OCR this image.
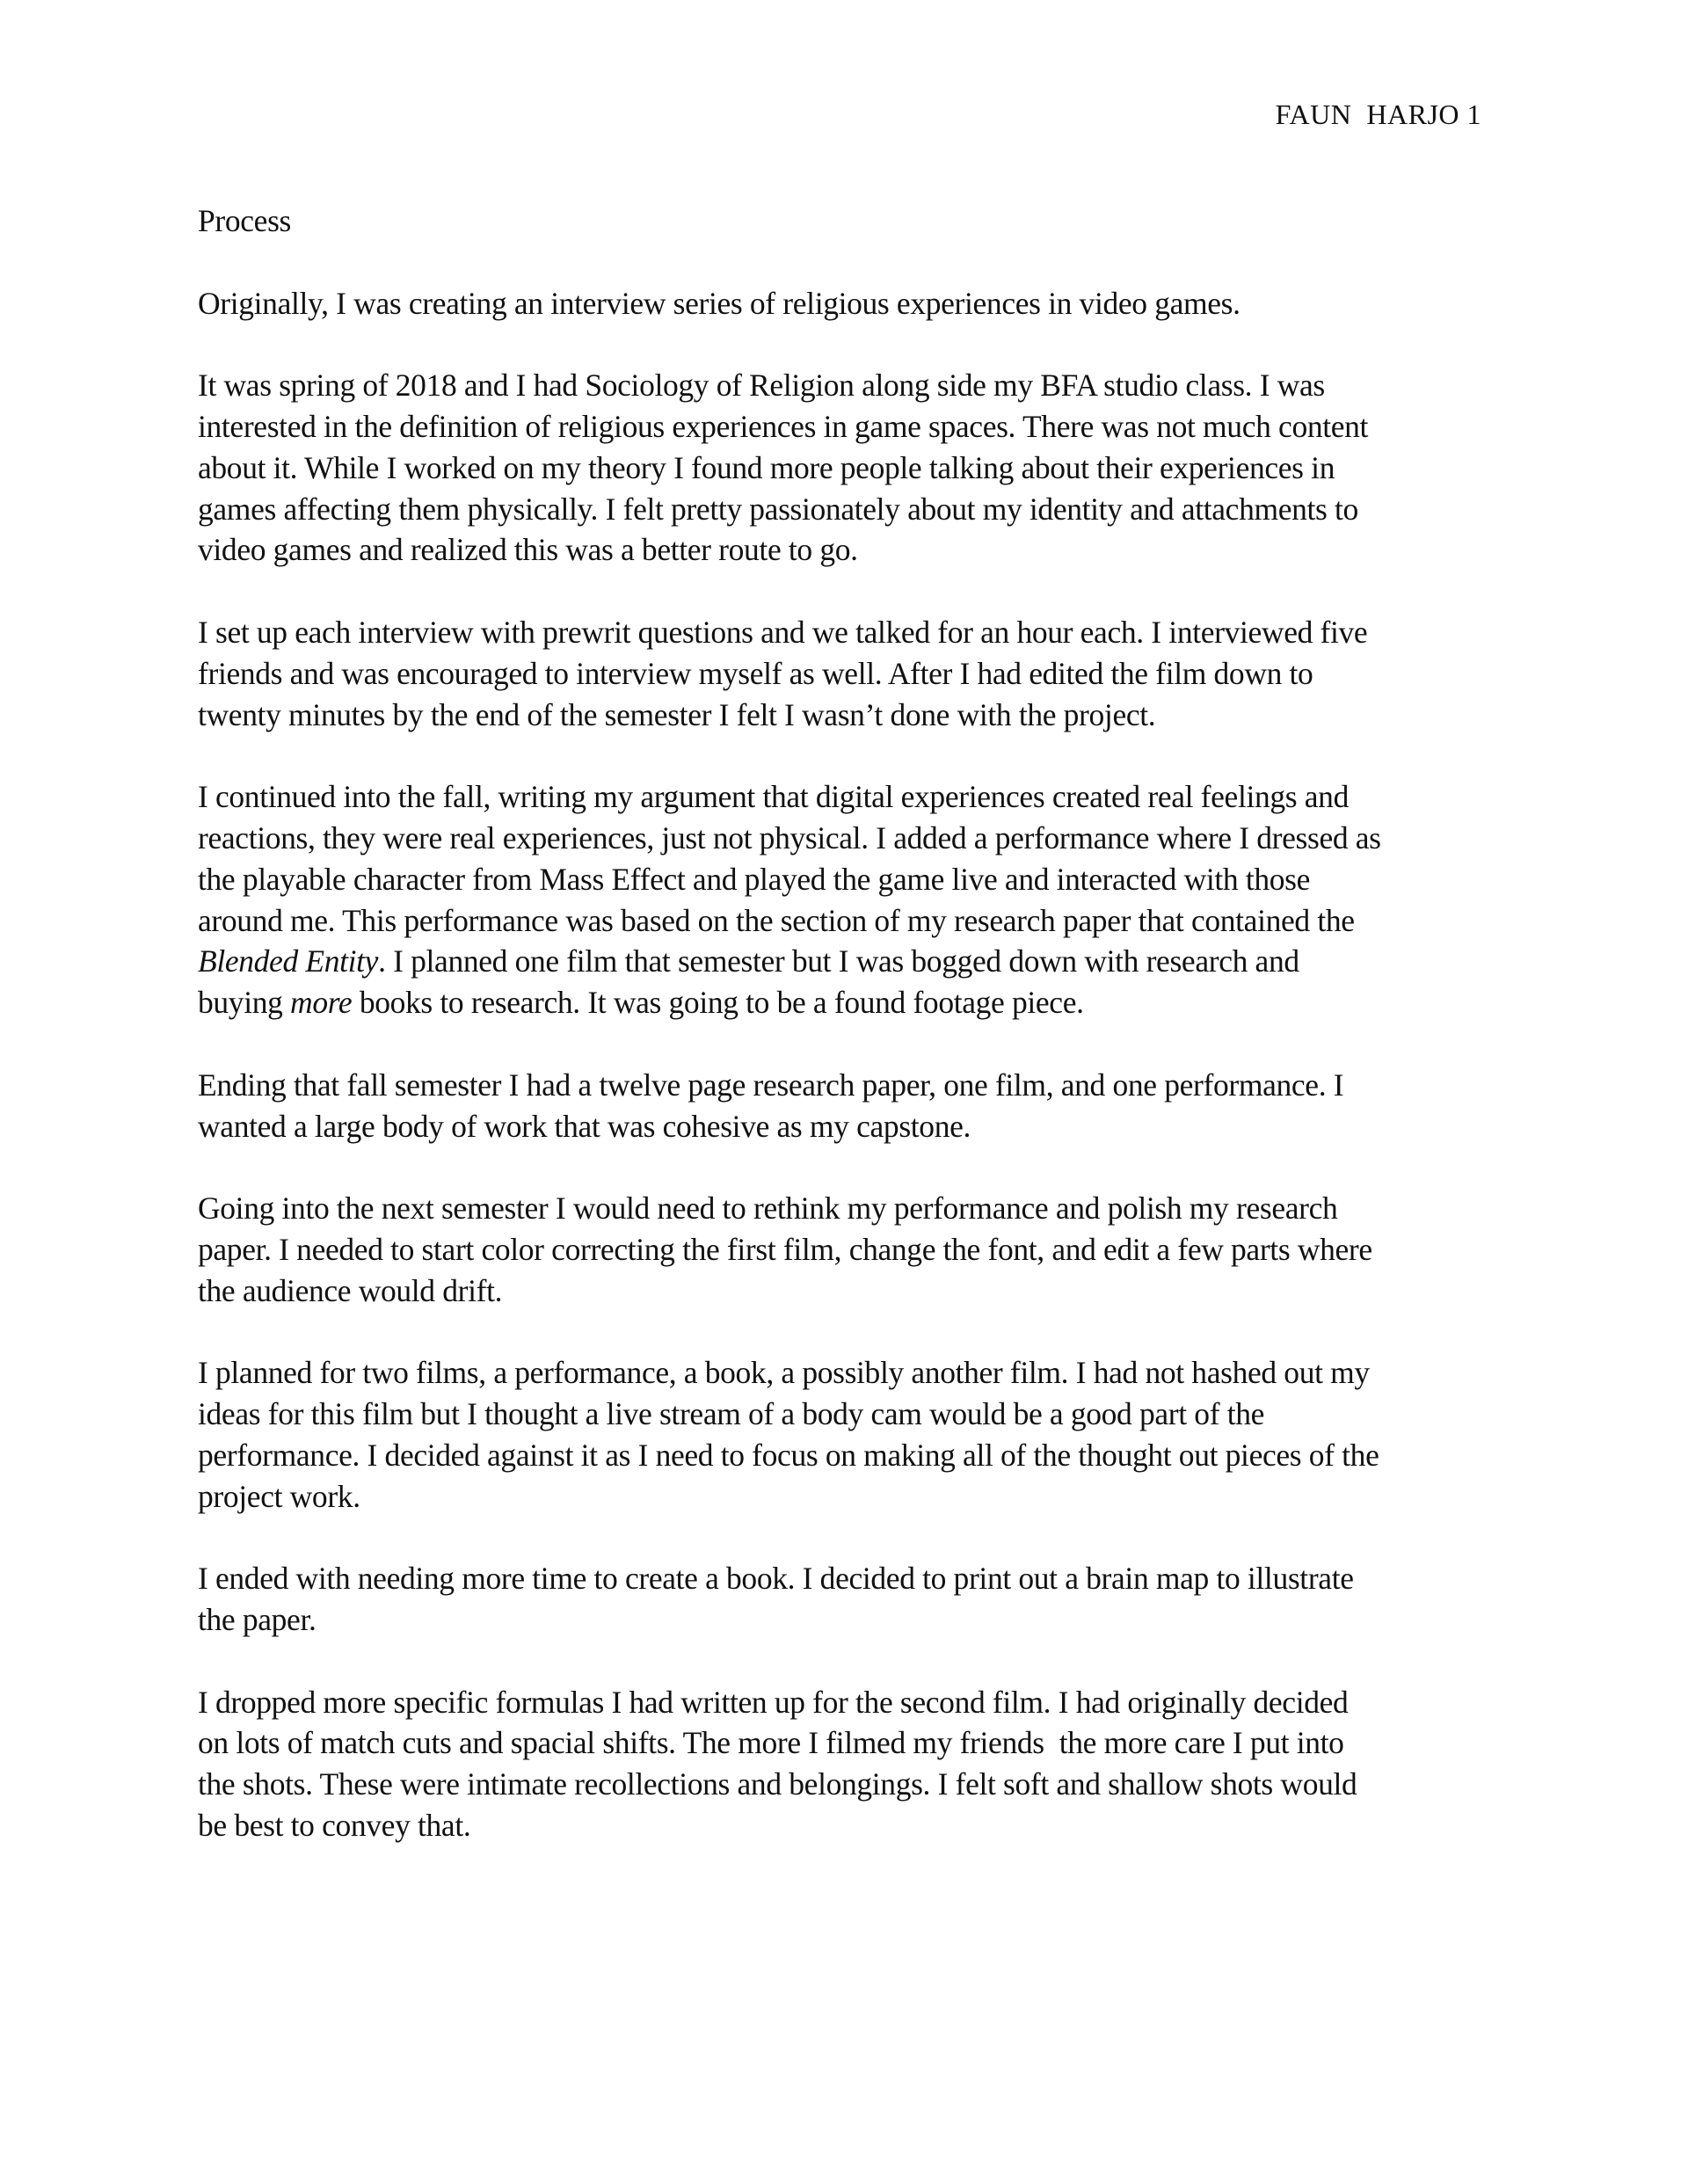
FAUN  HARJO 1

Process

Originally, I was creating an interview series of religious experiences in video games.

It was spring of 2018 and I had Sociology of Religion along side my BFA studio class. I was
interested in the definition of religious experiences in game spaces. There was not much content
about it. While I worked on my theory I found more people talking about their experiences in
games affecting them physically. I felt pretty passionately about my identity and attachments to
video games and realized this was a better route to go.

I set up each interview with prewrit questions and we talked for an hour each. I interviewed five
friends and was encouraged to interview myself as well. After I had edited the film down to
twenty minutes by the end of the semester I felt I wasn’t done with the project.

I continued into the fall, writing my argument that digital experiences created real feelings and
reactions, they were real experiences, just not physical. I added a performance where I dressed as
the playable character from Mass Effect and played the game live and interacted with those
around me. This performance was based on the section of my research paper that contained the
Blended Entity. I planned one film that semester but I was bogged down with research and
buying more books to research. It was going to be a found footage piece.

Ending that fall semester I had a twelve page research paper, one film, and one performance. I
wanted a large body of work that was cohesive as my capstone.

Going into the next semester I would need to rethink my performance and polish my research
paper. I needed to start color correcting the first film, change the font, and edit a few parts where
the audience would drift.

I planned for two films, a performance, a book, a possibly another film. I had not hashed out my
ideas for this film but I thought a live stream of a body cam would be a good part of the
performance. I decided against it as I need to focus on making all of the thought out pieces of the
project work.

I ended with needing more time to create a book. I decided to print out a brain map to illustrate
the paper.

I dropped more specific formulas I had written up for the second film. I had originally decided
on lots of match cuts and spacial shifts. The more I filmed my friends  the more care I put into
the shots. These were intimate recollections and belongings. I felt soft and shallow shots would
be best to convey that.
